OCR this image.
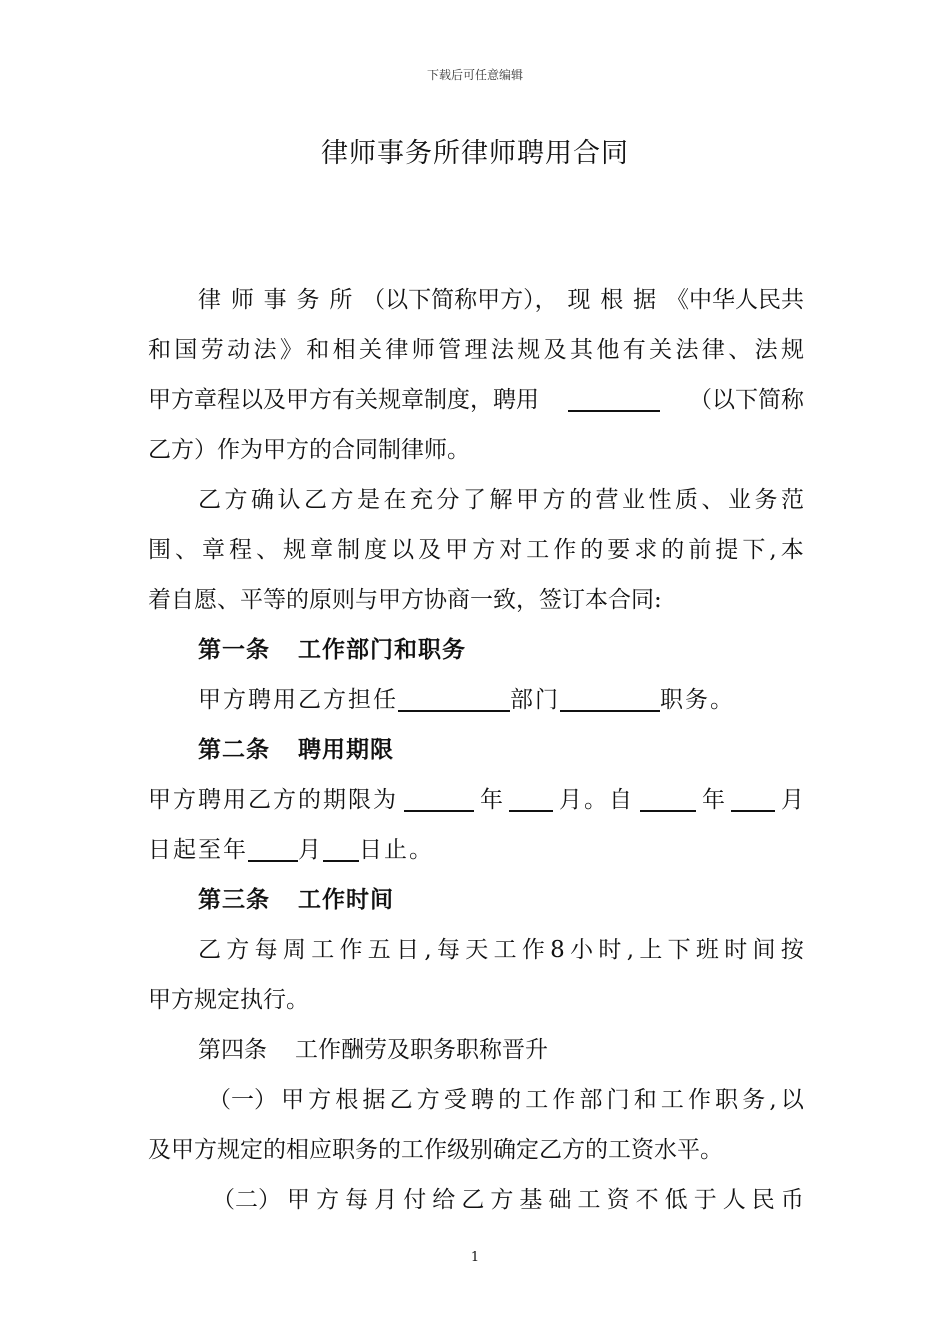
下载后可任意编辑
律师事务所律师聘用合同
律 师 事 务 所 （以下简称甲方）， 现 根 据 《中华人民共
和 国 劳 动 法 》 和 相 关 律 师 管 理 法 规 及 其 他 有 关 法 律 、 法 规
甲方章程以及甲方有关规章制度，聘用	（以下简称
乙方）作为甲方的合同制律师。
乙 方 确 认 乙 方 是 在 充 分 了 解 甲 方 的 营 业 性 质 、 业 务 范
围 、 章 程 、 规 章 制 度 以 及 甲 方 对 工 作 的 要 求 的 前 提 下 , 本
着自愿、平等的原则与甲方协商一致，签订本合同:
第一条 工作部门和职务
甲方聘用乙方担任	部门	职务。
第二条 聘用期限
甲方聘用乙方的期限为	年 月。自	年 月
日起至年 月 日止。
第三条 工作时间
乙 方 每 周 工 作 五 日 , 每 天 工 作 8 小 时 , 上 下 班 时 间 按
甲方规定执行。
第四条 工作酬劳及职务职称晋升
（一） 甲 方 根 据 乙 方 受 聘 的 工 作 部 门 和 工 作 职 务 , 以
及甲方规定的相应职务的工作级别确定乙方的工资水平。
（二） 甲 方 每 月 付 给 乙 方 基 础 工 资 不 低 于 人 民 币
1
